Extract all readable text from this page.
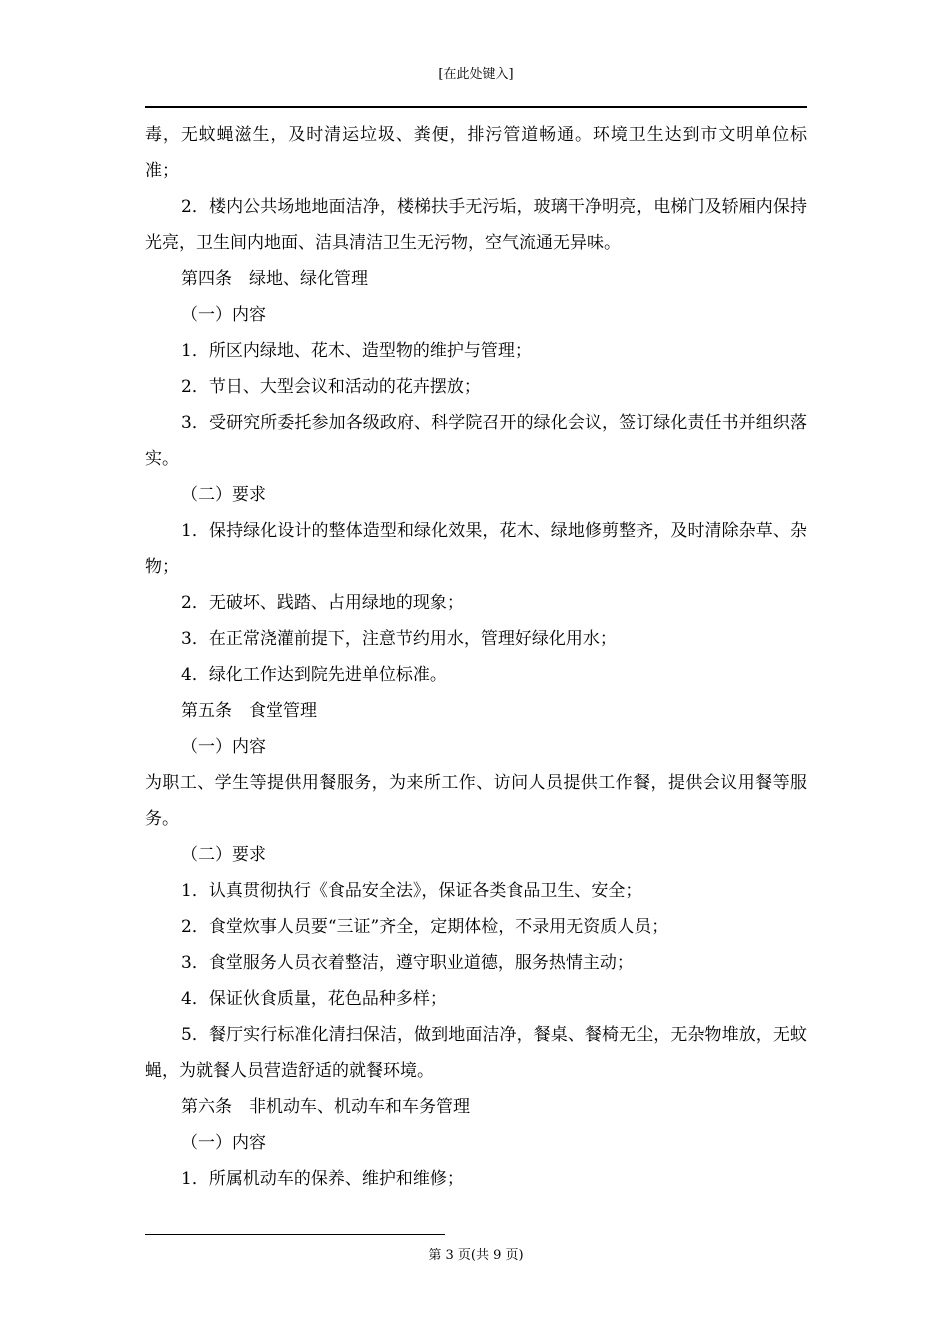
[在此处键入]

毒，无蚊蝇滋生，及时清运垃圾、粪便，排污管道畅通。环境卫生达到市文明单位标准；

2．楼内公共场地地面洁净，楼梯扶手无污垢，玻璃干净明亮，电梯门及轿厢内保持光亮，卫生间内地面、洁具清洁卫生无污物，空气流通无异味。

第四条　绿地、绿化管理

（一）内容

1．所区内绿地、花木、造型物的维护与管理；

2．节日、大型会议和活动的花卉摆放；

3．受研究所委托参加各级政府、科学院召开的绿化会议，签订绿化责任书并组织落实。

（二）要求

1．保持绿化设计的整体造型和绿化效果，花木、绿地修剪整齐，及时清除杂草、杂物；

2．无破坏、践踏、占用绿地的现象；

3．在正常浇灌前提下，注意节约用水，管理好绿化用水；

4．绿化工作达到院先进单位标准。

第五条　食堂管理

（一）内容

为职工、学生等提供用餐服务，为来所工作、访问人员提供工作餐，提供会议用餐等服务。

（二）要求

1．认真贯彻执行《食品安全法》，保证各类食品卫生、安全；

2．食堂炊事人员要“三证”齐全，定期体检，不录用无资质人员；

3．食堂服务人员衣着整洁，遵守职业道德，服务热情主动；

4．保证伙食质量，花色品种多样；

5．餐厅实行标准化清扫保洁，做到地面洁净，餐桌、餐椅无尘，无杂物堆放，无蚊蝇，为就餐人员营造舒适的就餐环境。

第六条　非机动车、机动车和车务管理

（一）内容

1．所属机动车的保养、维护和维修；

第 3 页(共 9 页)
